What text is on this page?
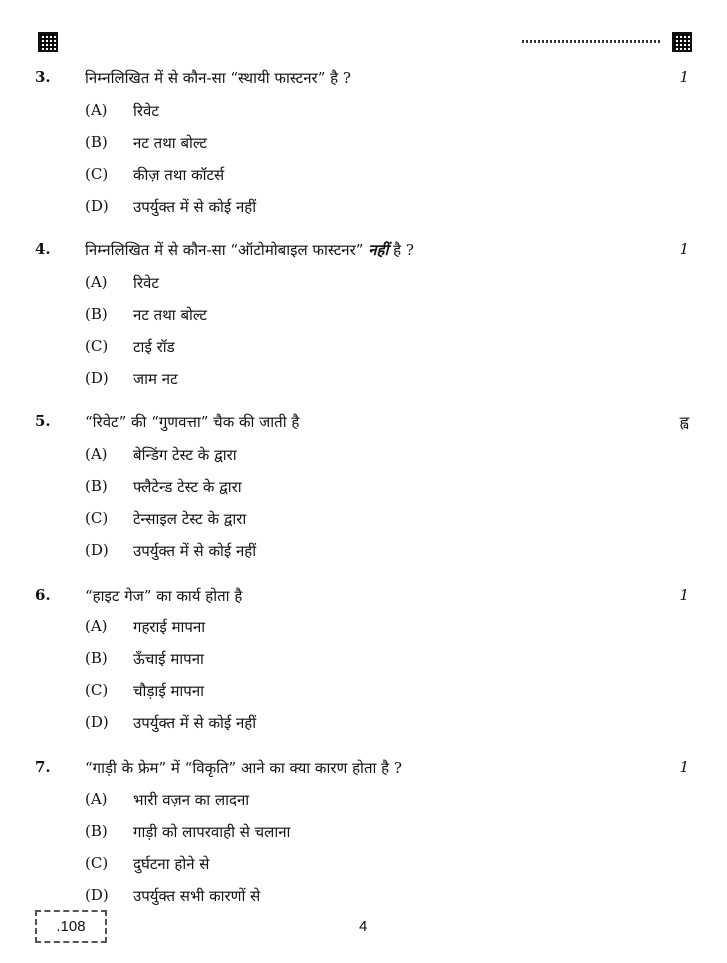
3. निम्नलिखित में से कौन-सा “स्थायी फास्टनर” है ?	1
(A) रिवेट
(B) नट तथा बोल्ट
(C) कीज़ तथा कॉटर्स
(D) उपर्युक्त में से कोई नहीं
4. निम्नलिखित में से कौन-सा “ऑटोमोबाइल फास्टनर” नहीं है ?	1
(A) रिवेट
(B) नट तथा बोल्ट
(C) टाई रॉड
(D) जाम नट
5. “रिवेट” की “गुणवत्ता” चैक की जाती है	ह्व
(A) बेन्डिंग टेस्ट के द्वारा
(B) फ्लैटेन्ड टेस्ट के द्वारा
(C) टेन्साइल टेस्ट के द्वारा
(D) उपर्युक्त में से कोई नहीं
6. “हाइट गेज” का कार्य होता है	1
(A) गहराई मापना
(B) ऊँचाई मापना
(C) चौड़ाई मापना
(D) उपर्युक्त में से कोई नहीं
7. “गाड़ी के फ्रेम” में “विकृति” आने का क्या कारण होता है ?	1
(A) भारी वज़न का लादना
(B) गाड़ी को लापरवाही से चलाना
(C) दुर्घटना होने से
(D) उपर्युक्त सभी कारणों से
.108	4
